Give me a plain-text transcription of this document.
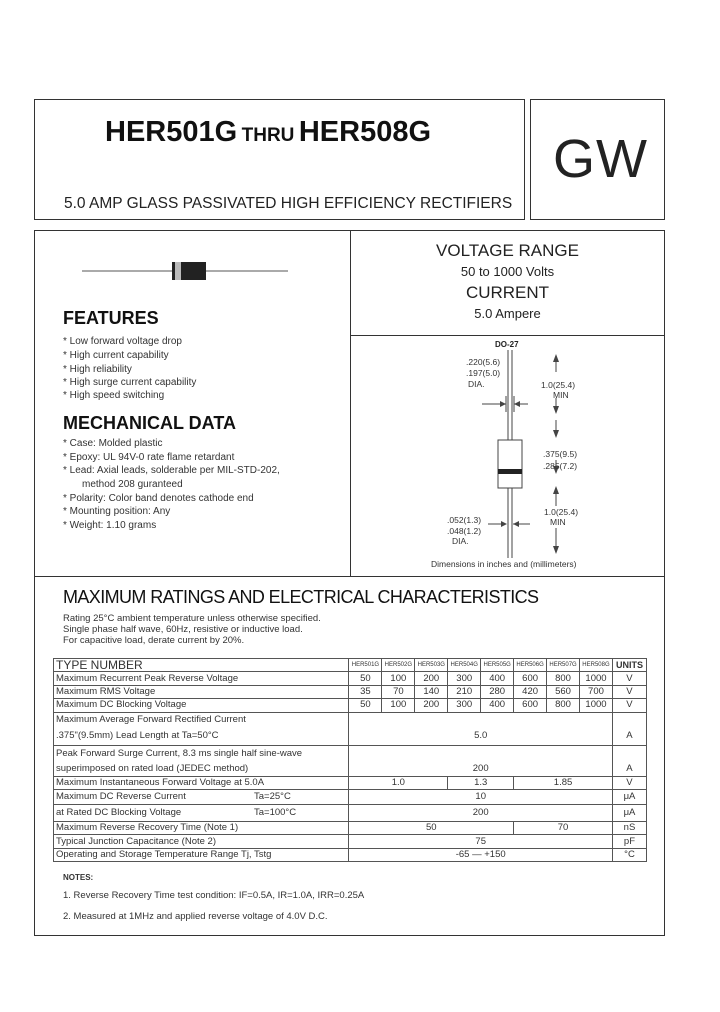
HER501G THRU HER508G
5.0 AMP GLASS PASSIVATED HIGH EFFICIENCY RECTIFIERS
GW
VOLTAGE RANGE
50 to 1000 Volts
CURRENT
5.0 Ampere
FEATURES
* Low forward voltage drop
* High current capability
* High reliability
* High surge current capability
* High speed switching
MECHANICAL DATA
* Case: Molded plastic
* Epoxy: UL 94V-0 rate flame retardant
* Lead: Axial leads, solderable per MIL-STD-202,
method 208 guranteed
* Polarity: Color band denotes cathode end
* Mounting position: Any
* Weight: 1.10 grams
DO-27
.220(5.6)
.197(5.0)
DIA.	1.0(25.4)
MIN
.375(9.5)
.285(7.2)
1.0(25.4)
MIN
.052(1.3)
.048(1.2)
DIA.
Dimensions in inches and (millimeters)
MAXIMUM RATINGS AND ELECTRICAL CHARACTERISTICS
Rating 25°C ambient temperature unless otherwise specified.
Single phase half wave, 60Hz, resistive or inductive load.
For capacitive load, derate current by 20%.
TYPE NUMBER	HER501G	HER502G	HER503G	HER504G	HER505G	HER506G	HER507G	HER508G	UNITS
Maximum Recurrent Peak Reverse Voltage	50	100	200	300	400	600	800	1000	V
Maximum RMS Voltage	35	70	140	210	280	420	560	700	V
Maximum DC Blocking Voltage	50	100	200	300	400	600	800	1000	V
Maximum Average Forward Rectified Current									
.375"(9.5mm) Lead Length at Ta=50°C	5.0								A
Peak Forward Surge Current, 8.3 ms single half sine-wave									
superimposed on rated load (JEDEC method)	200								A
Maximum Instantaneous Forward Voltage at 5.0A	1.0			1.3		1.85			V
Maximum DC Reverse Current Ta=25°C	10								μA
at Rated DC Blocking Voltage Ta=100°C	200								μA
Maximum Reverse Recovery Time (Note 1)	50					70			nS
Typical Junction Capacitance (Note 2)	75								pF
Operating and Storage Temperature Range Tj, Tstg	-65 — +150								°C
NOTES:
1. Reverse Recovery Time test condition: IF=0.5A, IR=1.0A, IRR=0.25A
2. Measured at 1MHz and applied reverse voltage of 4.0V D.C.
